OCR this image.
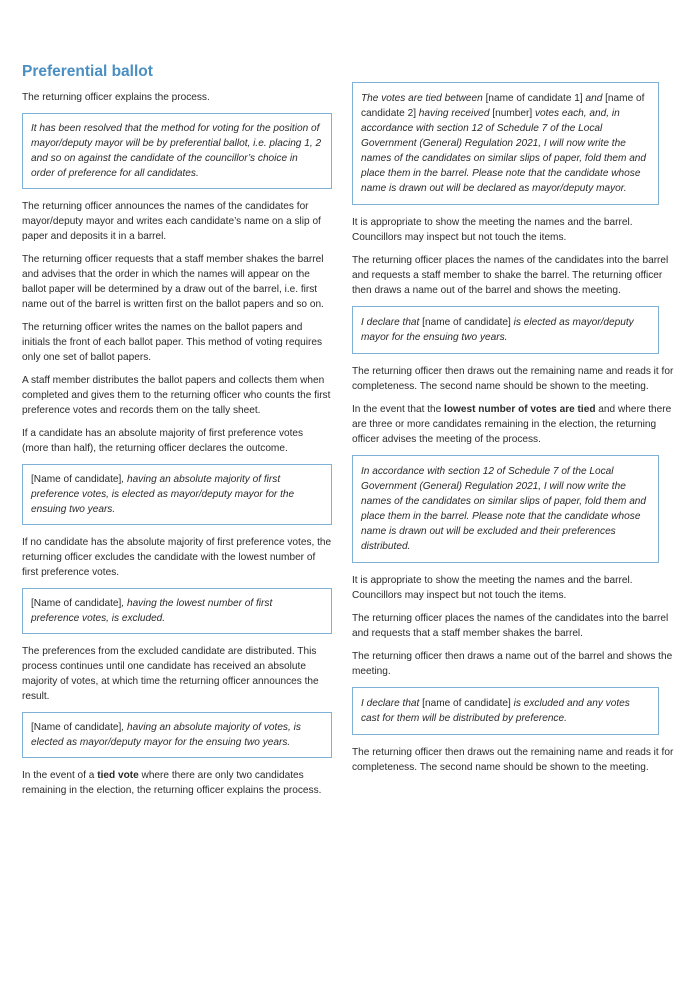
Preferential ballot

The returning officer explains the process.

It has been resolved that the method for voting for the position of mayor/deputy mayor will be by preferential ballot, i.e. placing 1, 2 and so on against the candidate of the councillor’s choice in order of preference for all candidates.

The returning officer announces the names of the candidates for mayor/deputy mayor and writes each candidate’s name on a slip of paper and deposits it in a barrel.

The returning officer requests that a staff member shakes the barrel and advises that the order in which the names will appear on the ballot paper will be determined by a draw out of the barrel, i.e. first name out of the barrel is written first on the ballot papers and so on.

The returning officer writes the names on the ballot papers and initials the front of each ballot paper. This method of voting requires only one set of ballot papers.

A staff member distributes the ballot papers and collects them when completed and gives them to the returning officer who counts the first preference votes and records them on the tally sheet.

If a candidate has an absolute majority of first preference votes (more than half), the returning officer declares the outcome.

[Name of candidate], having an absolute majority of first preference votes, is elected as mayor/deputy mayor for the ensuing two years.

If no candidate has the absolute majority of first preference votes, the returning officer excludes the candidate with the lowest number of first preference votes.

[Name of candidate], having the lowest number of first preference votes, is excluded.

The preferences from the excluded candidate are distributed. This process continues until one candidate has received an absolute majority of votes, at which time the returning officer announces the result.

[Name of candidate], having an absolute majority of votes, is elected as mayor/deputy mayor for the ensuing two years.

In the event of a tied vote where there are only two candidates remaining in the election, the returning officer explains the process.

The votes are tied between [name of candidate 1] and [name of candidate 2] having received [number] votes each, and, in accordance with section 12 of Schedule 7 of the Local Government (General) Regulation 2021, I will now write the names of the candidates on similar slips of paper, fold them and place them in the barrel. Please note that the candidate whose name is drawn out will be declared as mayor/deputy mayor.

It is appropriate to show the meeting the names and the barrel. Councillors may inspect but not touch the items.

The returning officer places the names of the candidates into the barrel and requests a staff member to shake the barrel. The returning officer then draws a name out of the barrel and shows the meeting.

I declare that [name of candidate] is elected as mayor/deputy mayor for the ensuing two years.

The returning officer then draws out the remaining name and reads it for completeness. The second name should be shown to the meeting.

In the event that the lowest number of votes are tied and where there are three or more candidates remaining in the election, the returning officer advises the meeting of the process.

In accordance with section 12 of Schedule 7 of the Local Government (General) Regulation 2021, I will now write the names of the candidates on similar slips of paper, fold them and place them in the barrel. Please note that the candidate whose name is drawn out will be excluded and their preferences distributed.

It is appropriate to show the meeting the names and the barrel. Councillors may inspect but not touch the items.

The returning officer places the names of the candidates into the barrel and requests that a staff member shakes the barrel.

The returning officer then draws a name out of the barrel and shows the meeting.

I declare that [name of candidate] is excluded and any votes cast for them will be distributed by preference.

The returning officer then draws out the remaining name and reads it for completeness. The second name should be shown to the meeting.
